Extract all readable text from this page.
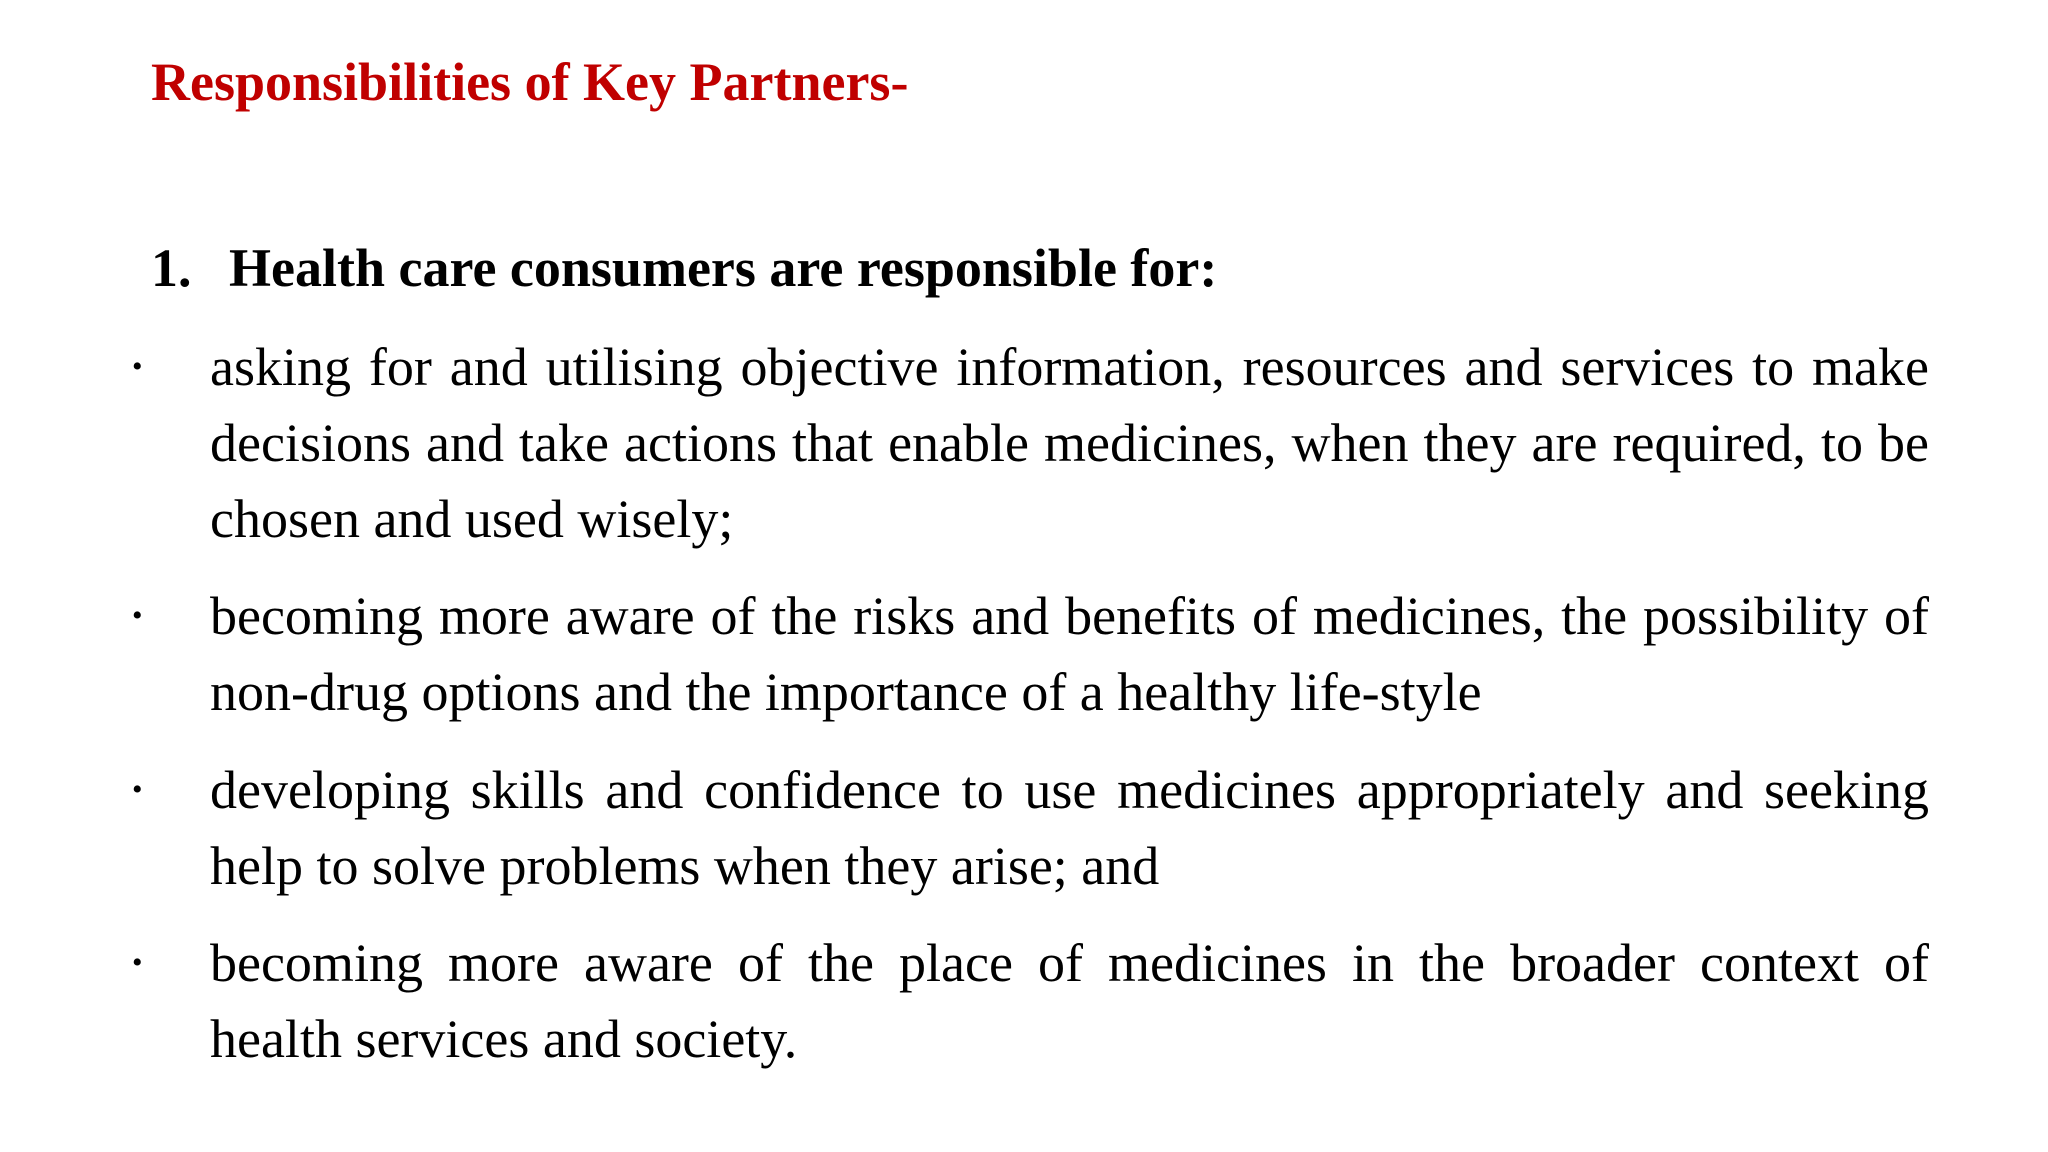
Responsibilities of Key Partners-
1. Health care consumers are responsible for:
• asking for and utilising objective information, resources and services to make decisions and take actions that enable medicines, when they are required, to be chosen and used wisely;

• becoming more aware of the risks and benefits of medicines, the possibility of non-drug options and the importance of a healthy life-style

• developing skills and confidence to use medicines appropriately and seeking help to solve problems when they arise; and

• becoming more aware of the place of medicines in the broader context of health services and society.
